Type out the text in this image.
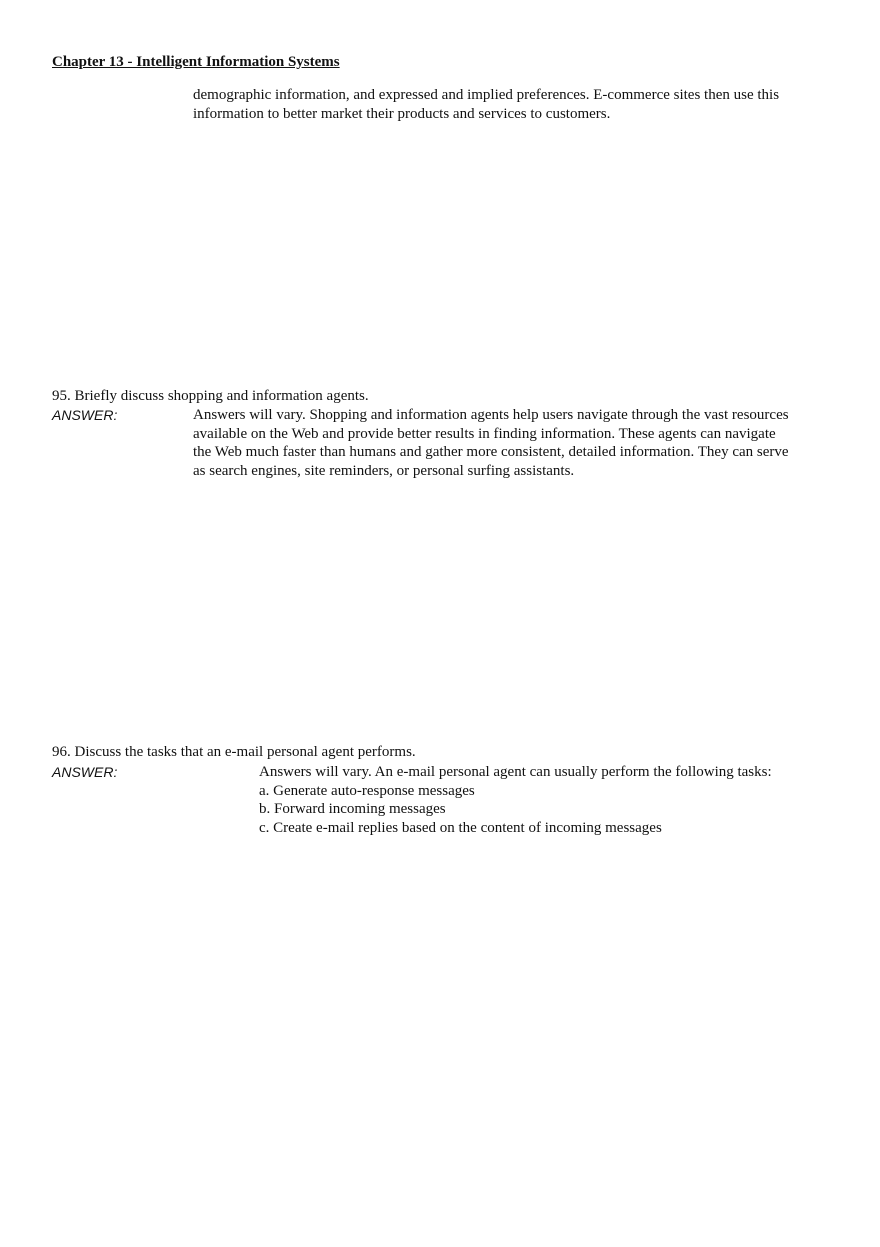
Chapter 13 - Intelligent Information Systems
demographic information, and expressed and implied preferences. E-commerce sites then use this
information to better market their products and services to customers.
95. Briefly discuss shopping and information agents.
ANSWER:	Answers will vary. Shopping and information agents help users navigate through the vast resources
available on the Web and provide better results in finding information. These agents can navigate
the Web much faster than humans and gather more consistent, detailed information. They can serve
as search engines, site reminders, or personal surfing assistants.
96. Discuss the tasks that an e-mail personal agent performs.
ANSWER:	Answers will vary. An e-mail personal agent can usually perform the following tasks:
a. Generate auto-response messages
b. Forward incoming messages
c. Create e-mail replies based on the content of incoming messages
